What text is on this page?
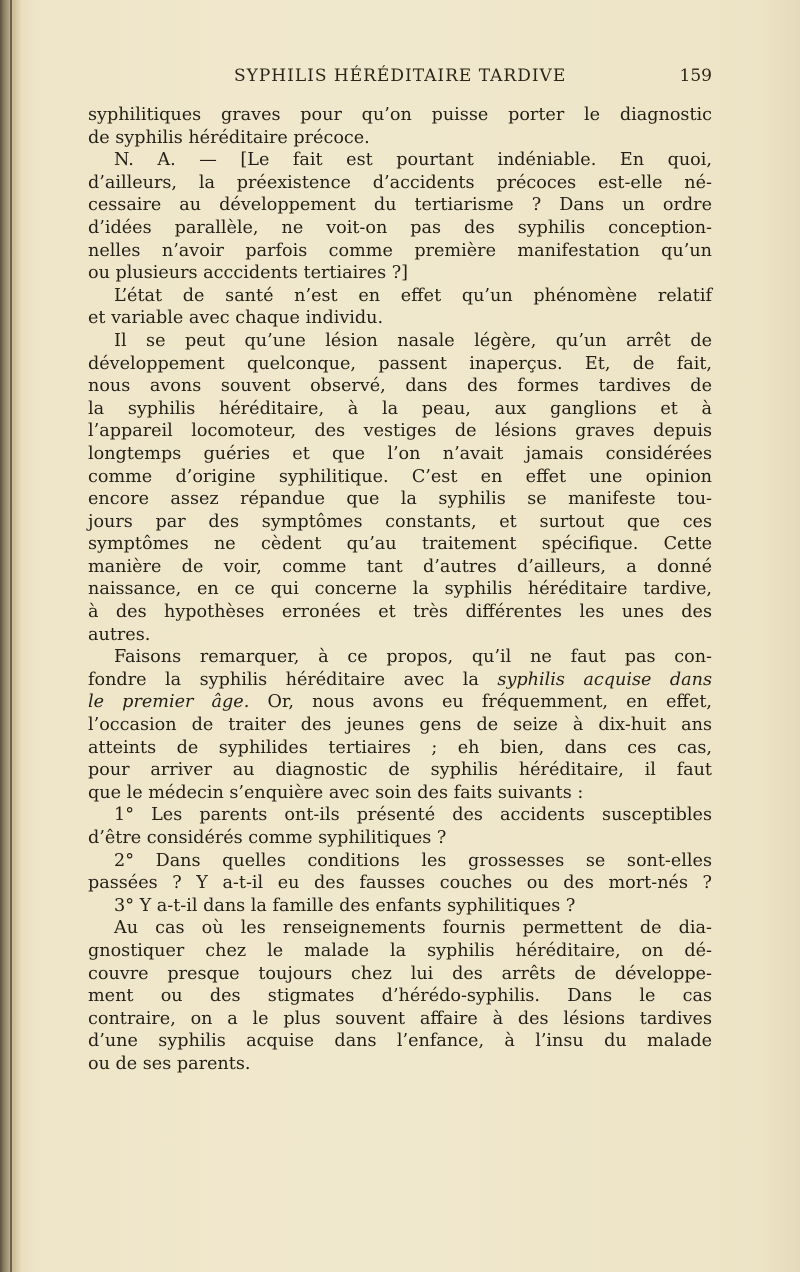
SYPHILIS HÉRÉDITAIRE TARDIVE	159
syphilitiques graves pour qu’on puisse porter le diagnostic
de syphilis héréditaire précoce.
N. A. — [Le fait est pourtant indéniable. En quoi,
d’ailleurs, la préexistence d’accidents précoces est-elle né-
cessaire au développement du tertiarisme ? Dans un ordre
d’idées parallèle, ne voit-on pas des syphilis conception-
nelles n’avoir parfois comme première manifestation qu’un
ou plusieurs acccidents tertiaires ?]
L’état de santé n’est en effet qu’un phénomène relatif
et variable avec chaque individu.
Il se peut qu’une lésion nasale légère, qu’un arrêt de
développement quelconque, passent inaperçus. Et, de fait,
nous avons souvent observé, dans des formes tardives de
la syphilis héréditaire, à la peau, aux ganglions et à
l’appareil locomoteur, des vestiges de lésions graves depuis
longtemps guéries et que l’on n’avait jamais considérées
comme d’origine syphilitique. C’est en effet une opinion
encore assez répandue que la syphilis se manifeste tou-
jours par des symptômes constants, et surtout que ces
symptômes ne cèdent qu’au traitement spécifique. Cette
manière de voir, comme tant d’autres d’ailleurs, a donné
naissance, en ce qui concerne la syphilis héréditaire tardive,
à des hypothèses erronées et très différentes les unes des
autres.
Faisons remarquer, à ce propos, qu’il ne faut pas con-
fondre la syphilis héréditaire avec la syphilis acquise dans
le premier âge. Or, nous avons eu fréquemment, en effet,
l’occasion de traiter des jeunes gens de seize à dix-huit ans
atteints de syphilides tertiaires ; eh bien, dans ces cas,
pour arriver au diagnostic de syphilis héréditaire, il faut
que le médecin s’enquière avec soin des faits suivants :
1° Les parents ont-ils présenté des accidents susceptibles
d’être considérés comme syphilitiques ?
2° Dans quelles conditions les grossesses se sont-elles
passées ? Y a-t-il eu des fausses couches ou des mort-nés ?
3° Y a-t-il dans la famille des enfants syphilitiques ?
Au cas où les renseignements fournis permettent de dia-
gnostiquer chez le malade la syphilis héréditaire, on dé-
couvre presque toujours chez lui des arrêts de développe-
ment ou des stigmates d’hérédo-syphilis. Dans le cas
contraire, on a le plus souvent affaire à des lésions tardives
d’une syphilis acquise dans l’enfance, à l’insu du malade
ou de ses parents.
